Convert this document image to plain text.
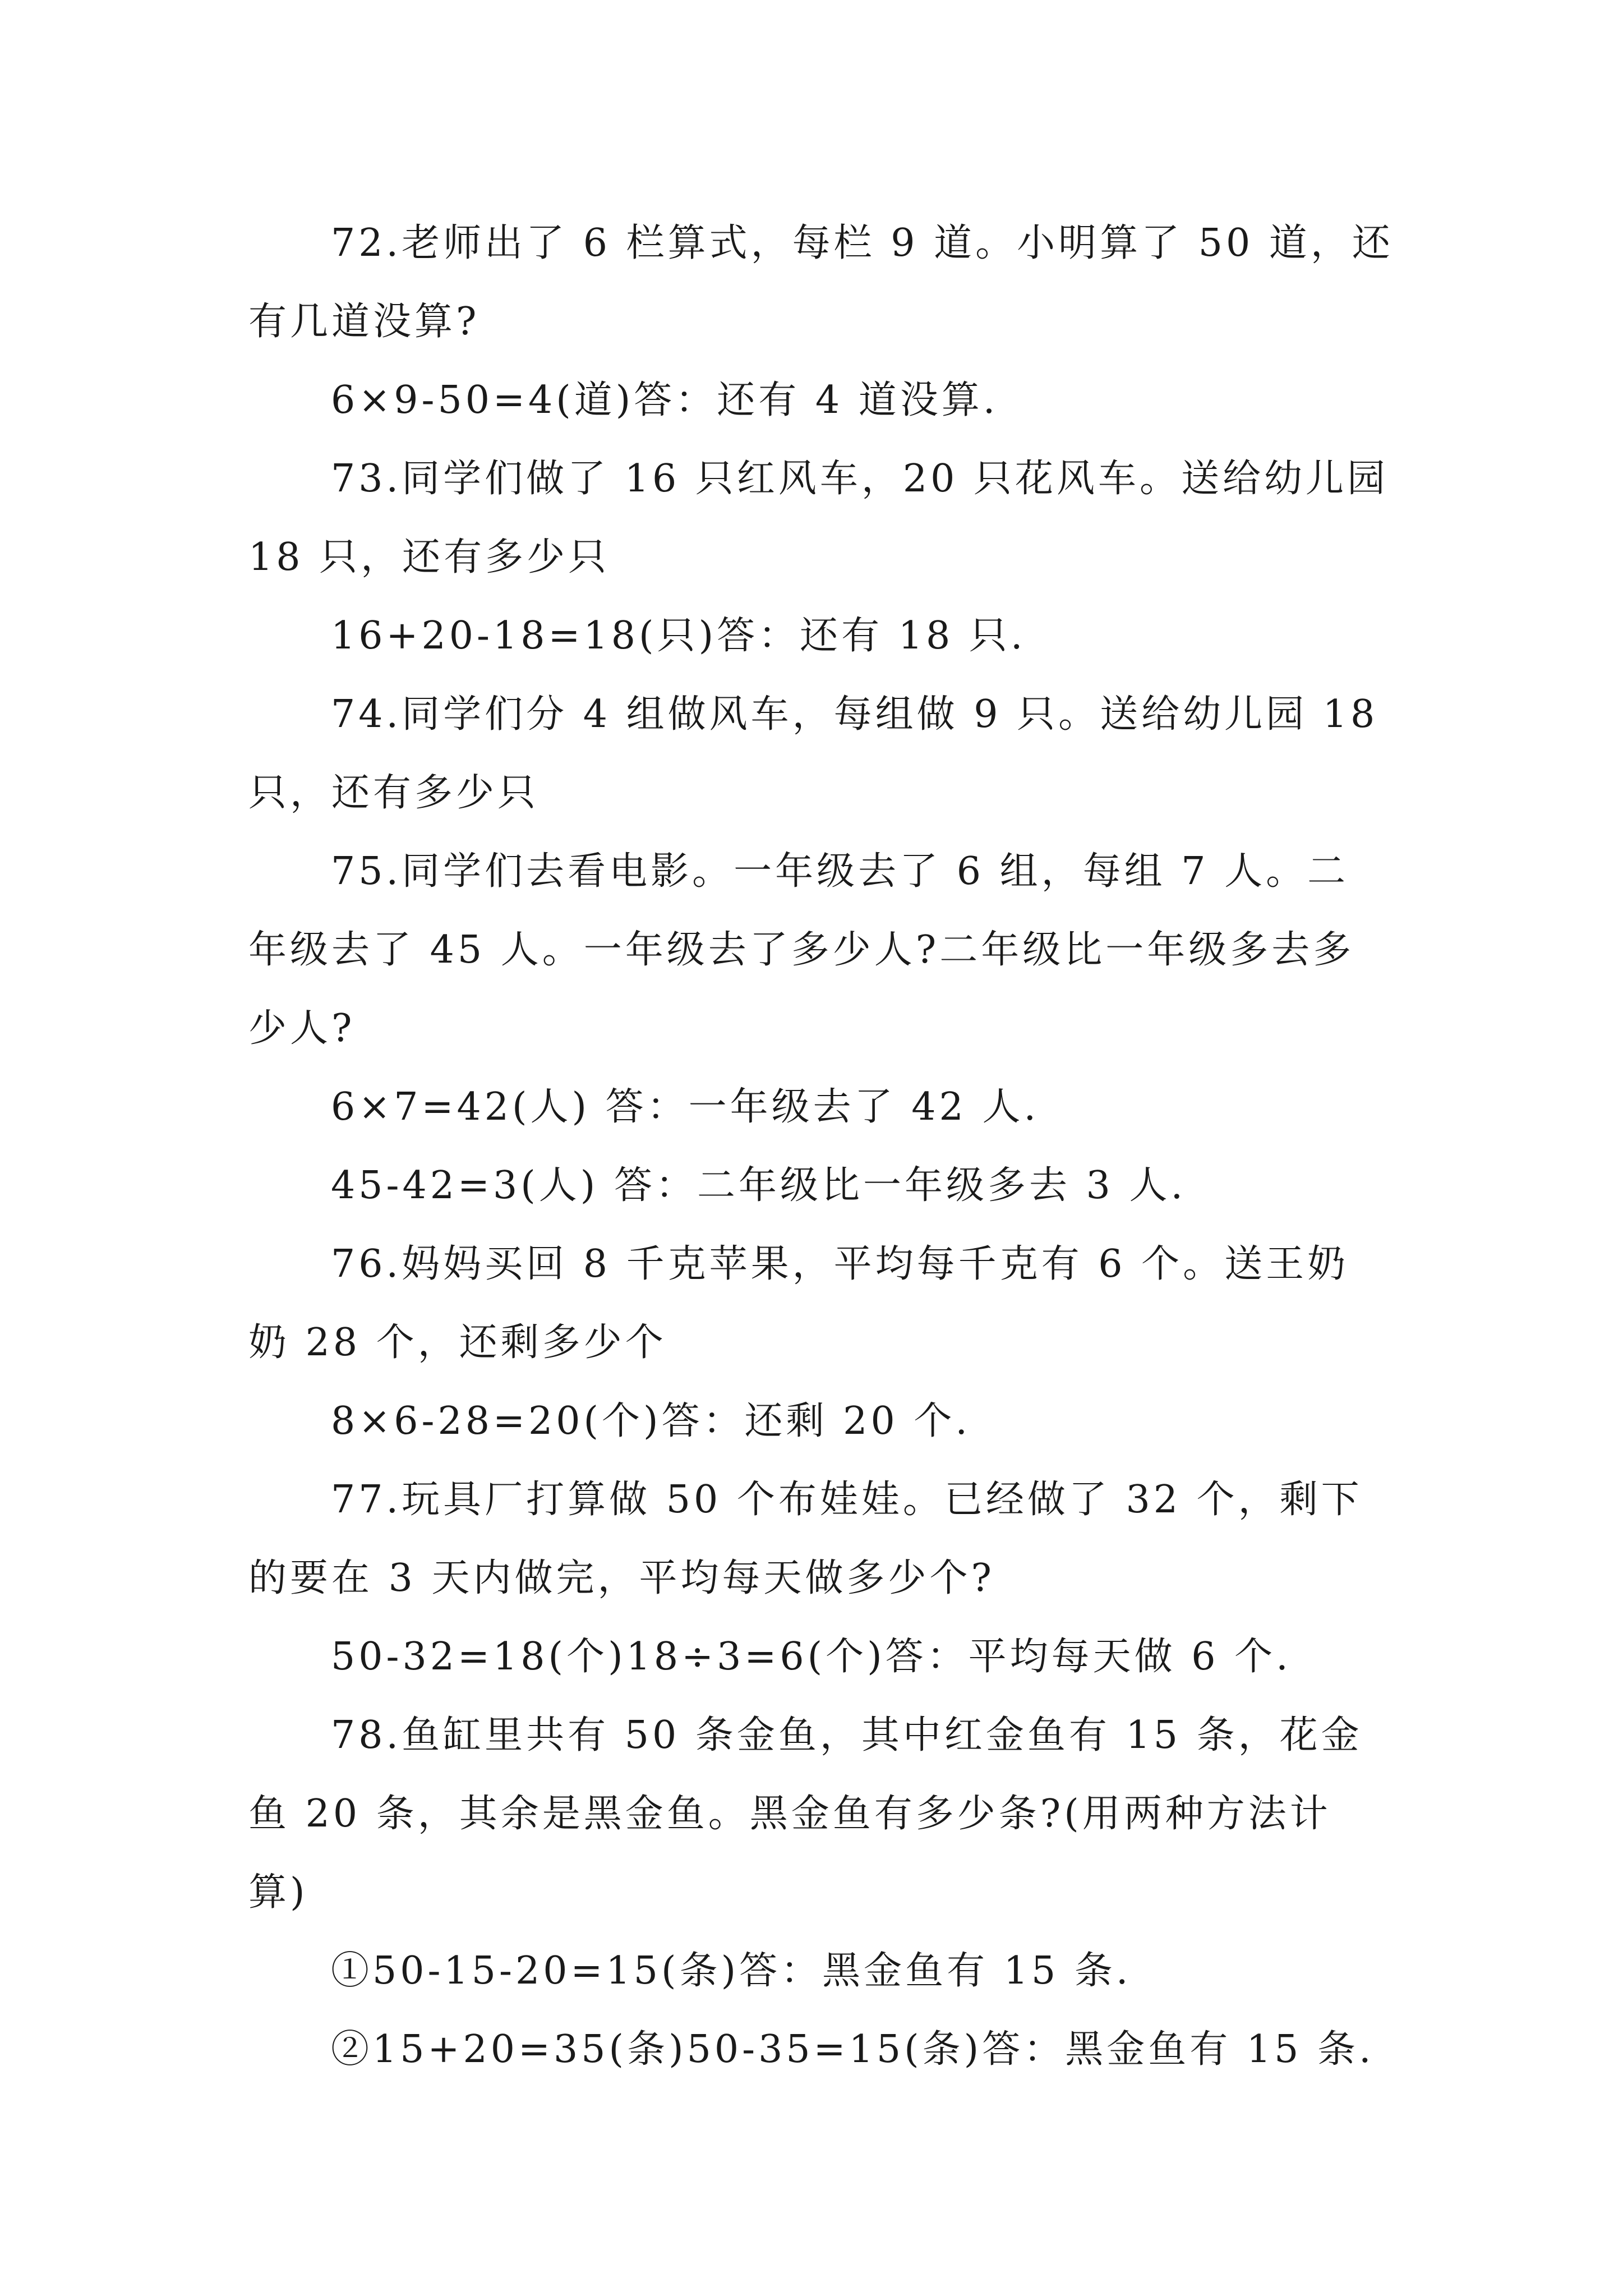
72.老师出了 6 栏算式，每栏 9 道。小明算了 50 道，还
有几道没算?
6×9-50=4(道)答：还有 4 道没算.
73.同学们做了 16 只红风车，20 只花风车。送给幼儿园
18 只，还有多少只
16+20-18=18(只)答：还有 18 只.
74.同学们分 4 组做风车，每组做 9 只。送给幼儿园 18
只，还有多少只
75.同学们去看电影。一年级去了 6 组，每组 7 人。二
年级去了 45 人。一年级去了多少人?二年级比一年级多去多
少人?
6×7=42(人) 答：一年级去了 42 人.
45-42=3(人) 答：二年级比一年级多去 3 人.
76.妈妈买回 8 千克苹果，平均每千克有 6 个。送王奶
奶 28 个，还剩多少个
8×6-28=20(个)答：还剩 20 个.
77.玩具厂打算做 50 个布娃娃。已经做了 32 个，剩下
的要在 3 天内做完，平均每天做多少个?
50-32=18(个)18÷3=6(个)答：平均每天做 6 个.
78.鱼缸里共有 50 条金鱼，其中红金鱼有 15 条，花金
鱼 20 条，其余是黑金鱼。黑金鱼有多少条?(用两种方法计
算)
①50-15-20=15(条)答：黑金鱼有 15 条.
②15+20=35(条)50-35=15(条)答：黑金鱼有 15 条.
